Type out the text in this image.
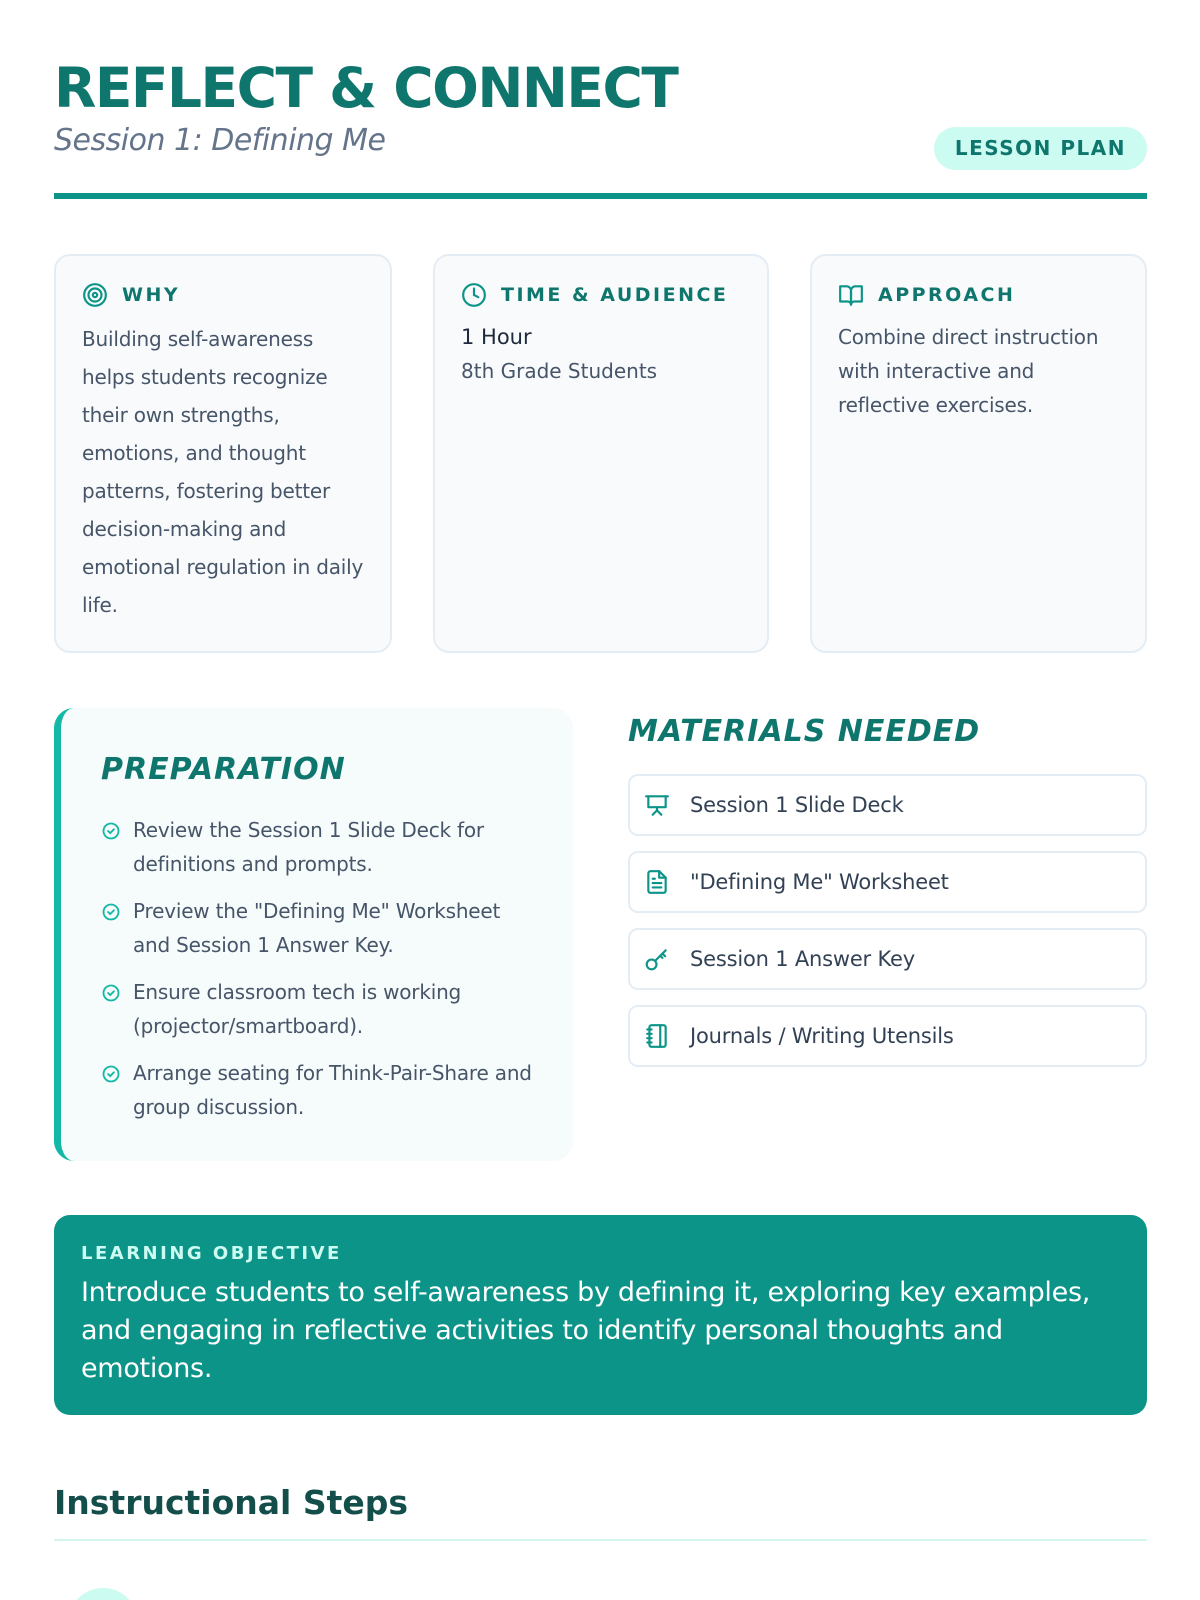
REFLECT & CONNECT
Session 1: Defining Me	LESSON PLAN
WHY

Building self-awareness helps students recognize their own strengths, emotions, and thought patterns, fostering better decision-making and emotional regulation in daily life.

TIME & AUDIENCE
1 Hour
8th Grade Students
APPROACH

Combine direct instruction with interactive and reflective exercises.

PREPARATION
Review the Session 1 Slide Deck for definitions and prompts.
Preview the "Defining Me" Worksheet and Session 1 Answer Key.
Ensure classroom tech is working (projector/smartboard).
Arrange seating for Think-Pair-Share and group discussion.
MATERIALS NEEDED
Session 1 Slide Deck
"Defining Me" Worksheet
Session 1 Answer Key
Journals / Writing Utensils
LEARNING OBJECTIVE

Introduce students to self-awareness by defining it, exploring key examples, and engaging in reflective activities to identify personal thoughts and emotions.

Instructional Steps
